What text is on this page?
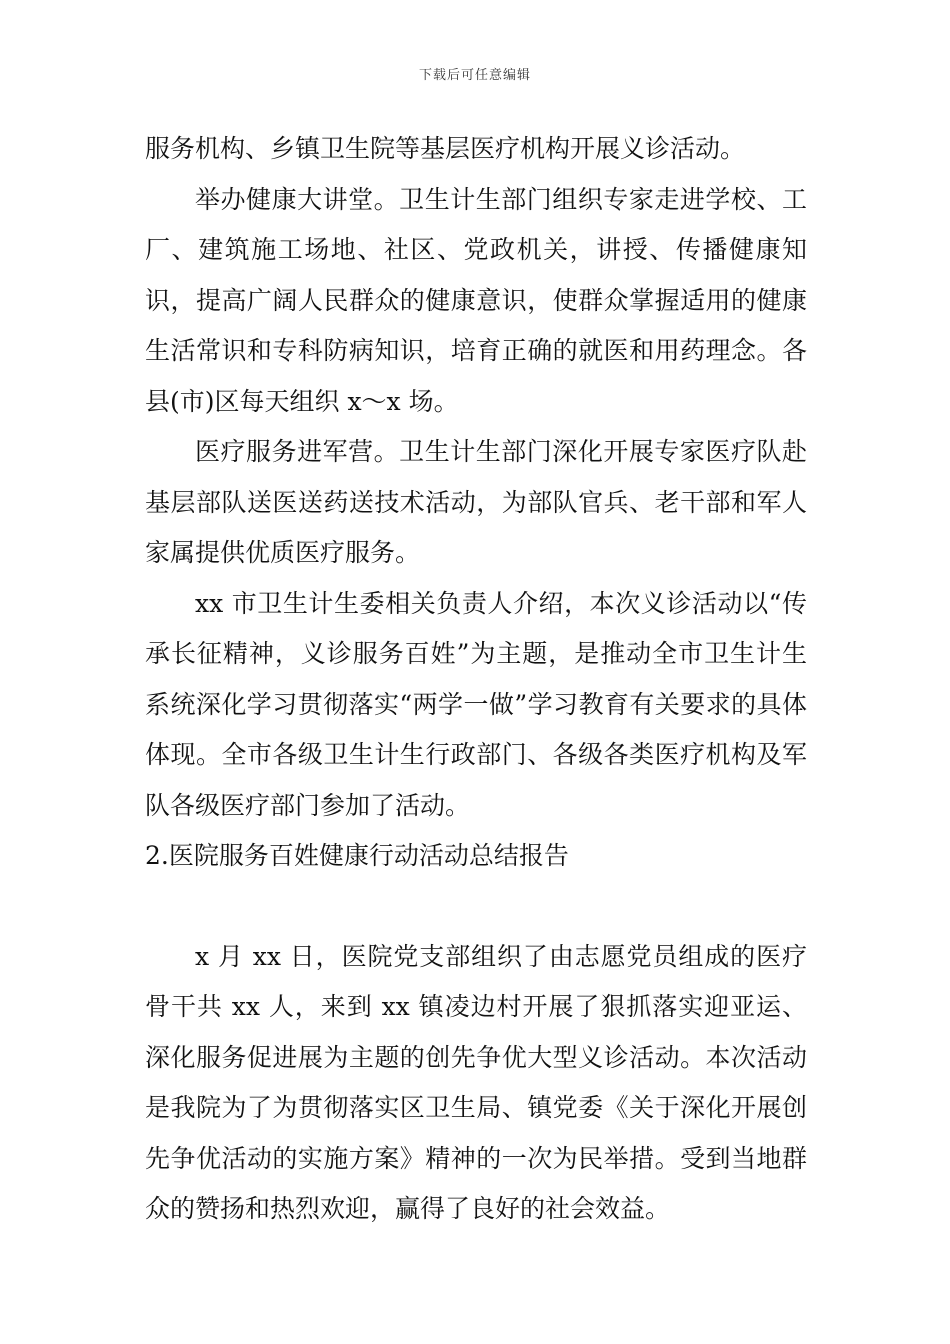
下载后可任意编辑

服务机构、乡镇卫生院等基层医疗机构开展义诊活动。

举办健康大讲堂。卫生计生部门组织专家走进学校、工厂、建筑施工场地、社区、党政机关，讲授、传播健康知识，提高广阔人民群众的健康意识，使群众掌握适用的健康生活常识和专科防病知识，培育正确的就医和用药理念。各县(市)区每天组织 x～x 场。

医疗服务进军营。卫生计生部门深化开展专家医疗队赴基层部队送医送药送技术活动，为部队官兵、老干部和军人家属提供优质医疗服务。

xx 市卫生计生委相关负责人介绍，本次义诊活动以“传承长征精神，义诊服务百姓”为主题，是推动全市卫生计生系统深化学习贯彻落实“两学一做”学习教育有关要求的具体体现。全市各级卫生计生行政部门、各级各类医疗机构及军队各级医疗部门参加了活动。

2.医院服务百姓健康行动活动总结报告

x 月 xx 日，医院党支部组织了由志愿党员组成的医疗骨干共 xx 人，来到 xx 镇凌边村开展了狠抓落实迎亚运、深化服务促进展为主题的创先争优大型义诊活动。本次活动是我院为了为贯彻落实区卫生局、镇党委《关于深化开展创先争优活动的实施方案》精神的一次为民举措。受到当地群众的赞扬和热烈欢迎，赢得了良好的社会效益。
